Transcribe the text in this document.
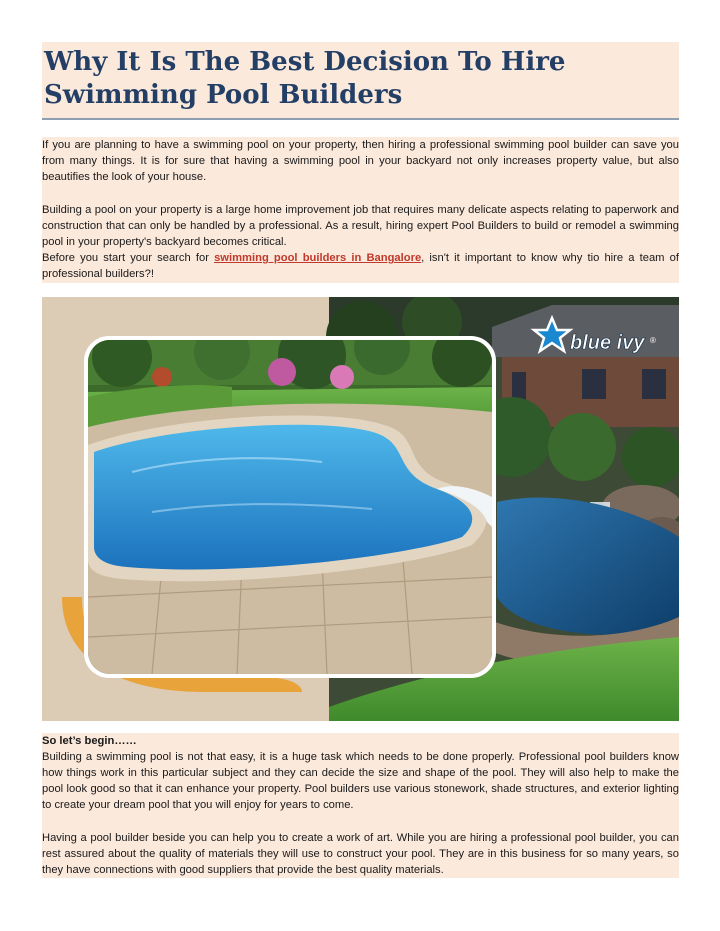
Why It Is The Best Decision To Hire Swimming Pool Builders

If you are planning to have a swimming pool on your property, then hiring a professional swimming pool builder can save you from many things. It is for sure that having a swimming pool in your backyard not only increases property value, but also beautifies the look of your house.

Building a pool on your property is a large home improvement job that requires many delicate aspects relating to paperwork and construction that can only be handled by a professional. As a result, hiring expert Pool Builders to build or remodel a swimming pool in your property's backyard becomes critical.

Before you start your search for swimming pool builders in Bangalore, isn't it important to know why tio hire a team of professional builders?!

blue ivy ®

So let’s begin……

Building a swimming pool is not that easy, it is a huge task which needs to be done properly. Professional pool builders know how things work in this particular subject and they can decide the size and shape of the pool. They will also help to make the pool look good so that it can enhance your property. Pool builders use various stonework, shade structures, and exterior lighting to create your dream pool that you will enjoy for years to come.

Having a pool builder beside you can help you to create a work of art. While you are hiring a professional pool builder, you can rest assured about the quality of materials they will use to construct your pool. They are in this business for so many years, so they have connections with good suppliers that provide the best quality materials.
